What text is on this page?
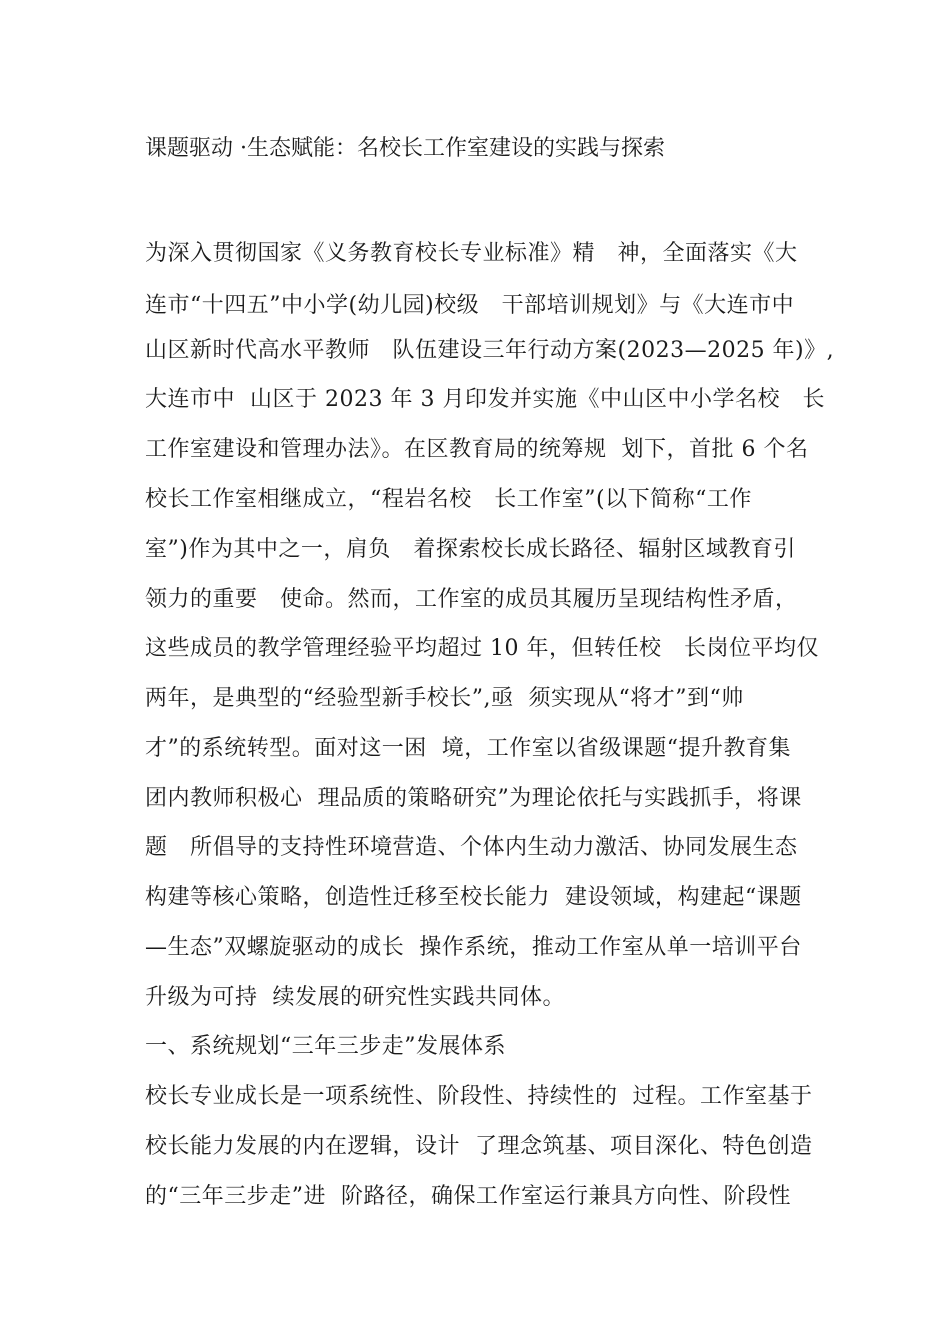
课题驱动 ·生态赋能：名校长工作室建设的实践与探索
为深入贯彻国家《义务教育校长专业标准》精　神，全面落实《大
连市“十四五”中小学(幼儿园)校级　干部培训规划》与《大连市中
山区新时代高水平教师　队伍建设三年行动方案(2023—2025 年)》,
大连市中  山区于 2023 年 3 月印发并实施《中山区中小学名校　长
工作室建设和管理办法》。在区教育局的统筹规  划下，首批 6 个名
校长工作室相继成立，“程岩名校　长工作室”(以下简称“工作
室”)作为其中之一，肩负　着探索校长成长路径、辐射区域教育引
领力的重要　使命。然而，工作室的成员其履历呈现结构性矛盾，
这些成员的教学管理经验平均超过 10 年，但转任校　长岗位平均仅
两年，是典型的“经验型新手校长”,亟  须实现从“将才”到“帅
才”的系统转型。面对这一困  境，工作室以省级课题“提升教育集
团内教师积极心  理品质的策略研究”为理论依托与实践抓手，将课
题　所倡导的支持性环境营造、个体内生动力激活、协同发展生态
构建等核心策略，创造性迁移至校长能力  建设领域，构建起“课题
—生态”双螺旋驱动的成长  操作系统，推动工作室从单一培训平台
升级为可持  续发展的研究性实践共同体。
一、系统规划“三年三步走”发展体系
校长专业成长是一项系统性、阶段性、持续性的  过程。工作室基于
校长能力发展的内在逻辑，设计  了理念筑基、项目深化、特色创造
的“三年三步走”进  阶路径，确保工作室运行兼具方向性、阶段性
